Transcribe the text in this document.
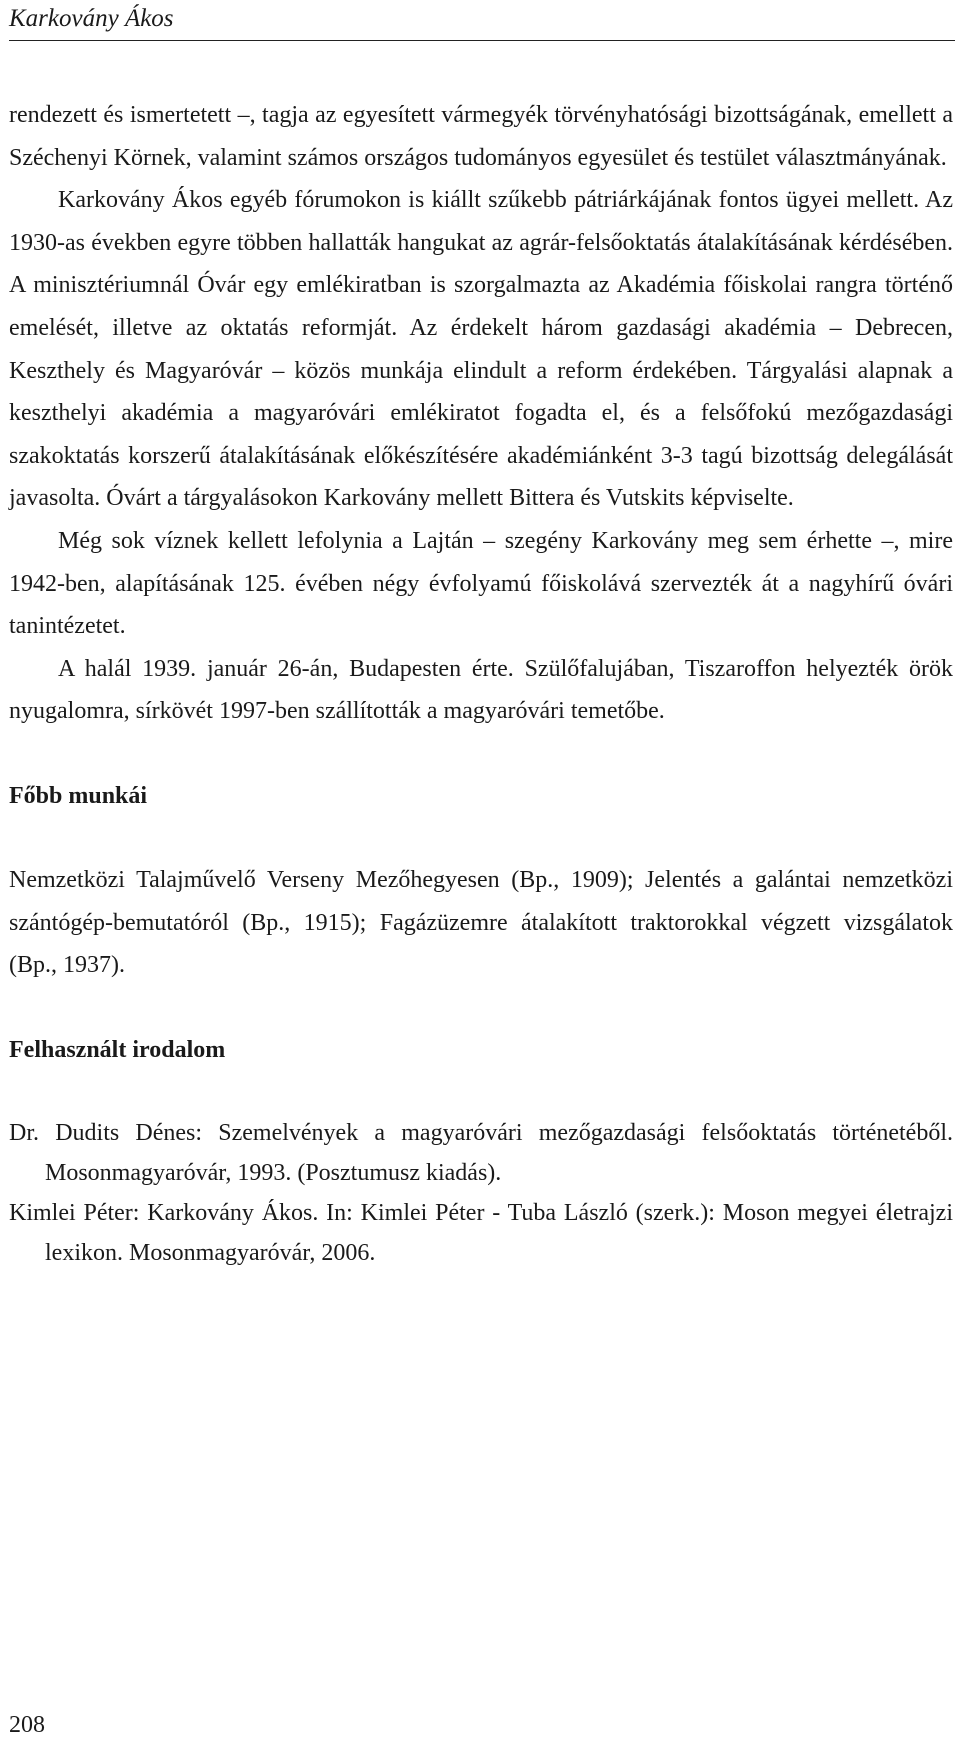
Karkovány Ákos

rendezett és ismertetett –, tagja az egyesített vármegyék törvényhatósági bizottságának, emellett a Széchenyi Körnek, valamint számos országos tudományos egyesület és testület választmányának.

Karkovány Ákos egyéb fórumokon is kiállt szűkebb pátriárkájának fontos ügyei mellett. Az 1930-as években egyre többen hallatták hangukat az agrár-felsőoktatás átalakításának kérdésében. A minisztériumnál Óvár egy emlékiratban is szorgalmazta az Akadémia főiskolai rangra történő emelését, illetve az oktatás reformját. Az érdekelt három gazdasági akadémia – Debrecen, Keszthely és Magyaróvár – közös munkája elindult a reform érdekében. Tárgyalási alapnak a keszthelyi akadémia a magyaróvári emlékiratot fogadta el, és a felsőfokú mezőgazdasági szakoktatás korszerű átalakításának előkészítésére akadémiánként 3-3 tagú bizottság delegálását javasolta. Óvárt a tárgyalásokon Karkovány mellett Bittera és Vutskits képviselte.

Még sok víznek kellett lefolynia a Lajtán – szegény Karkovány meg sem érhette –, mire 1942-ben, alapításának 125. évében négy évfolyamú főiskolává szervezték át a nagyhírű óvári tanintézetet.

A halál 1939. január 26-án, Budapesten érte. Szülőfalujában, Tiszaroffon helyezték örök nyugalomra, sírkövét 1997-ben szállították a magyaróvári temetőbe.

Főbb munkái

Nemzetközi Talajművelő Verseny Mezőhegyesen (Bp., 1909); Jelentés a galántai nemzetközi szántógép-bemutatóról (Bp., 1915); Fagázüzemre átalakított traktorokkal végzett vizsgálatok (Bp., 1937).

Felhasznált irodalom

Dr. Dudits Dénes: Szemelvények a magyaróvári mezőgazdasági felsőoktatás történetéből. Mosonmagyaróvár, 1993. (Posztumusz kiadás).

Kimlei Péter: Karkovány Ákos. In: Kimlei Péter - Tuba László (szerk.): Moson megyei életrajzi lexikon. Mosonmagyaróvár, 2006.

208
